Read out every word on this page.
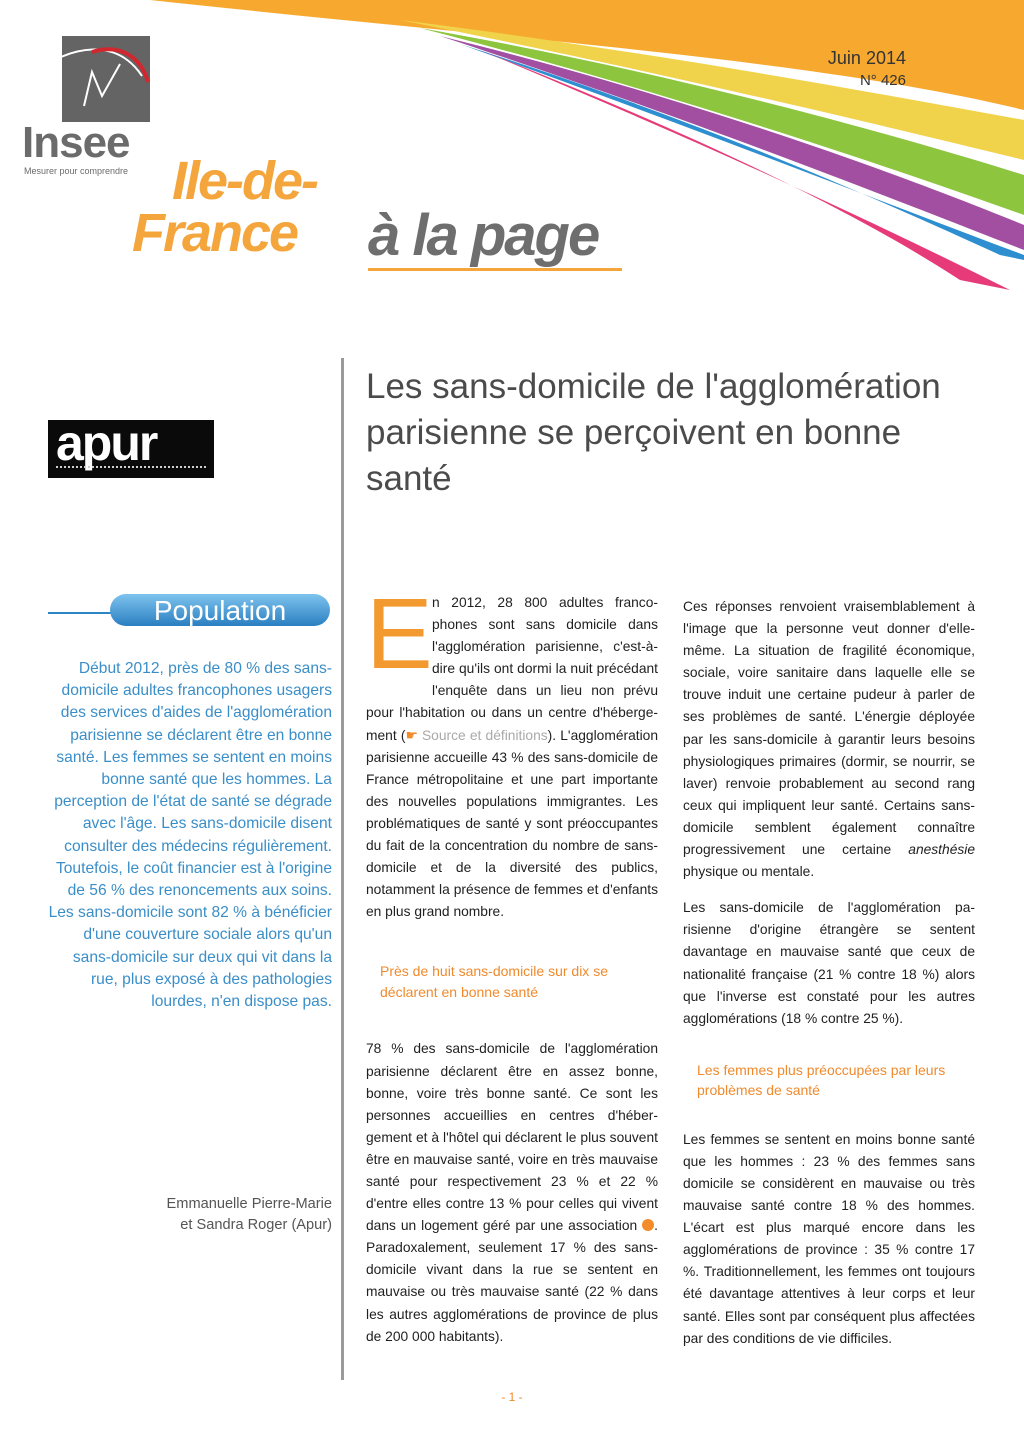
Insee
Mesurer pour comprendre
Juin 2014
N° 426
Ile-de-
France à la page
apur
Les sans-domicile de l'agglomération parisienne se perçoivent en bonne santé
Population

Début 2012, près de 80 % des sans-domicile adultes francophones usagers des services d'aides de l'agglomération parisienne se déclarent être en bonne santé. Les femmes se sentent en moins bonne santé que les hommes. La perception de l'état de santé se dégrade avec l'âge. Les sans-domicile disent consulter des médecins régulièrement. Toutefois, le coût financier est à l'origine de 56 % des renoncements aux soins. Les sans-domicile sont 82 % à bénéficier d'une couverture sociale alors qu'un sans-domicile sur deux qui vit dans la rue, plus exposé à des pathologies lourdes, n'en dispose pas.

Emmanuelle Pierre-Marie
et Sandra Roger (Apur)
E n 2012, 28 800 adultes francophones sont sans domicile dans l'agglomération parisienne, c'est-à-dire qu'ils ont dormi la nuit précédant l'enquête dans un lieu non prévu pour l'habitation ou dans un centre d'hébergement (☛ Source et définitions). L'agglomération parisienne accueille 43 % des sans-domicile de France métropolitaine et une part importante des nouvelles populations immigrantes. Les problématiques de santé y sont préoccupantes du fait de la concentration du nombre de sans-domicile et de la diversité des publics, notamment la présence de femmes et d'enfants en plus grand nombre.

Près de huit sans-domicile sur dix se déclarent en bonne santé

78 % des sans-domicile de l'agglomération parisienne déclarent être en assez bonne, bonne, voire très bonne santé. Ce sont les personnes accueillies en centres d'hébergement et à l'hôtel qui déclarent le plus souvent être en mauvaise santé, voire en très mauvaise santé pour respectivement 23 % et 22 % d'entre elles contre 13 % pour celles qui vivent dans un logement géré par une association . Paradoxalement, seulement 17 % des sans-domicile vivant dans la rue se sentent en mauvaise ou très mauvaise santé (22 % dans les autres agglomérations de province de plus de 200 000 habitants).

Ces réponses renvoient vraisemblablement à l'image que la personne veut donner d'elle-même. La situation de fragilité économique, sociale, voire sanitaire dans laquelle elle se trouve induit une certaine pudeur à parler de ses problèmes de santé. L'énergie déployée par les sans-domicile à garantir leurs besoins physiologiques primaires (dormir, se nourrir, se laver) renvoie probablement au second rang ceux qui impliquent leur santé. Certains sans-domicile semblent également connaître progressivement une certaine anesthésie physique ou mentale.

Les sans-domicile de l'agglomération parisienne d'origine étrangère se sentent davantage en mauvaise santé que ceux de nationalité française (21 % contre 18 %) alors que l'inverse est constaté pour les autres agglomérations (18 % contre 25 %).

Les femmes plus préoccupées par leurs problèmes de santé

Les femmes se sentent en moins bonne santé que les hommes : 23 % des femmes sans domicile se considèrent en mauvaise ou très mauvaise santé contre 18 % des hommes. L'écart est plus marqué encore dans les agglomérations de province : 35 % contre 17 %. Traditionnellement, les femmes ont toujours été davantage attentives à leur corps et leur santé. Elles sont par conséquent plus affectées par des conditions de vie difficiles.

- 1 -
